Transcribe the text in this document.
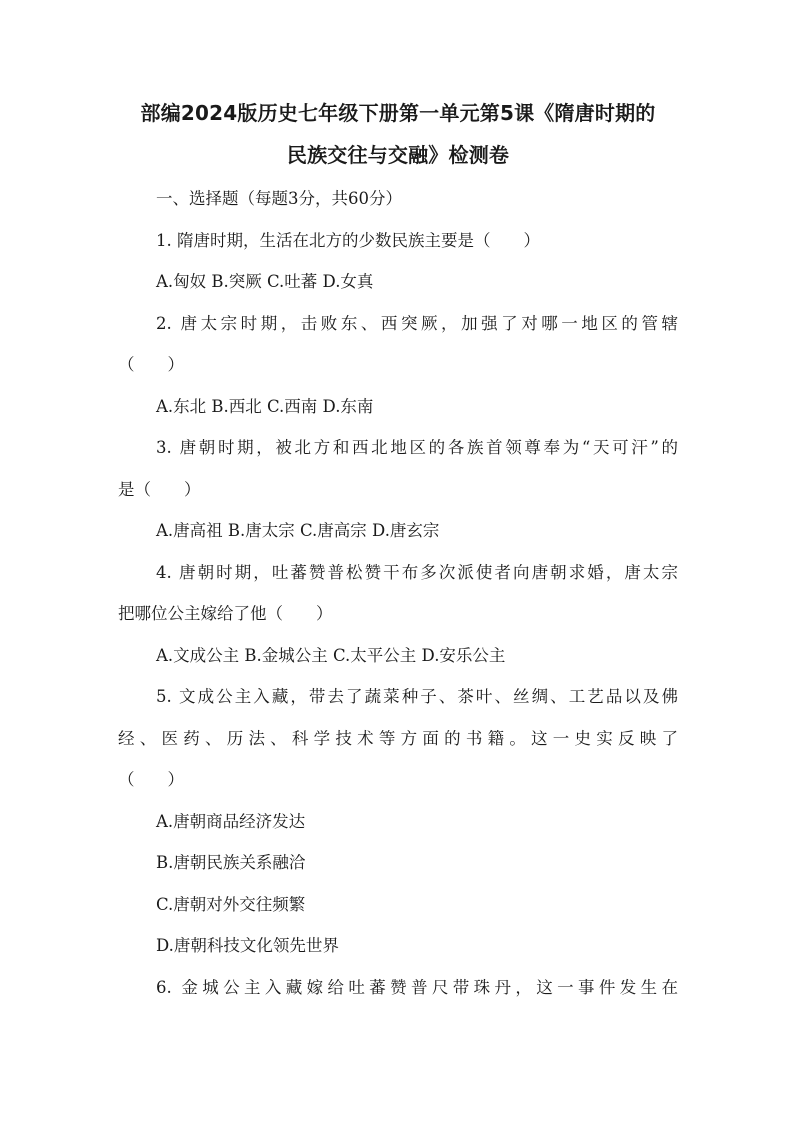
部编2024版历史七年级下册第一单元第5课《隋唐时期的
民族交往与交融》检测卷
一、选择题（每题3分，共60分）
1. 隋唐时期，生活在北方的少数民族主要是（　　）
A.匈奴 B.突厥 C.吐蕃 D.女真
2. 唐太宗时期，击败东、西突厥，加强了对哪一地区的管辖
（　　）
A.东北 B.西北 C.西南 D.东南
3. 唐朝时期，被北方和西北地区的各族首领尊奉为“天可汗”的
是（　　）
A.唐高祖 B.唐太宗 C.唐高宗 D.唐玄宗
4. 唐朝时期，吐蕃赞普松赞干布多次派使者向唐朝求婚，唐太宗
把哪位公主嫁给了他（　　）
A.文成公主 B.金城公主 C.太平公主 D.安乐公主
5. 文成公主入藏，带去了蔬菜种子、茶叶、丝绸、工艺品以及佛
经、医药、历法、科学技术等方面的书籍。这一史实反映了
（　　）
A.唐朝商品经济发达
B.唐朝民族关系融洽
C.唐朝对外交往频繁
D.唐朝科技文化领先世界
6. 金城公主入藏嫁给吐蕃赞普尺带珠丹，这一事件发生在
